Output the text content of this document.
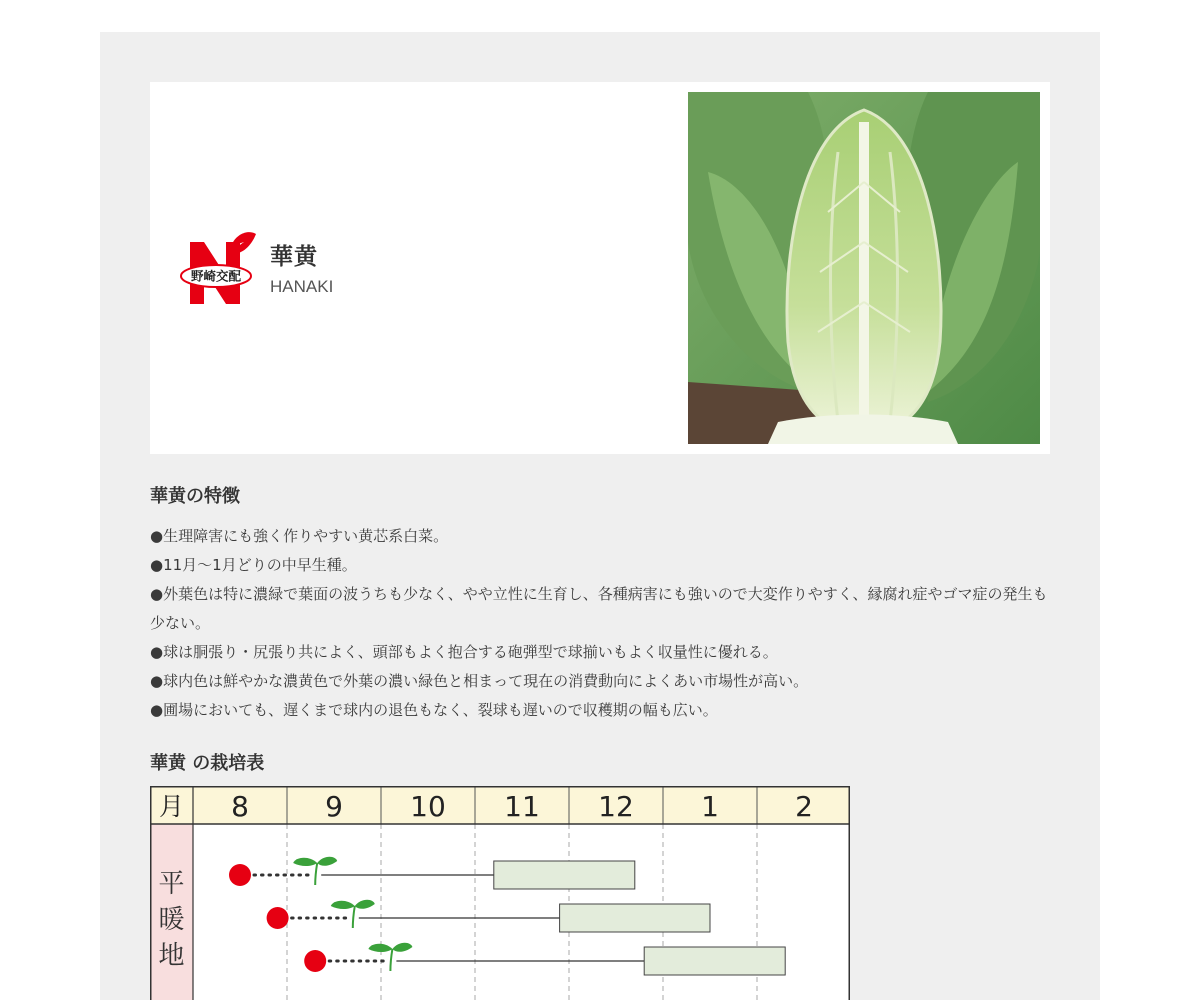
野崎交配
華黄
HANAKI
華黄の特徴
●生理障害にも強く作りやすい黄芯系白菜。
●11月〜1月どりの中早生種。
●外葉色は特に濃緑で葉面の波うちも少なく、やや立性に生育し、各種病害にも強いので大変作りやすく、縁腐れ症やゴマ症の発生も少ない。
●球は胴張り・尻張り共によく、頭部もよく抱合する砲弾型で球揃いもよく収量性に優れる。
●球内色は鮮やかな濃黄色で外葉の濃い緑色と相まって現在の消費動向によくあい市場性が高い。
●圃場においても、遅くまで球内の退色もなく、裂球も遅いので収穫期の幅も広い。
華黄 の栽培表
月 8	9 10 11 12 1	2
平
暖
地
